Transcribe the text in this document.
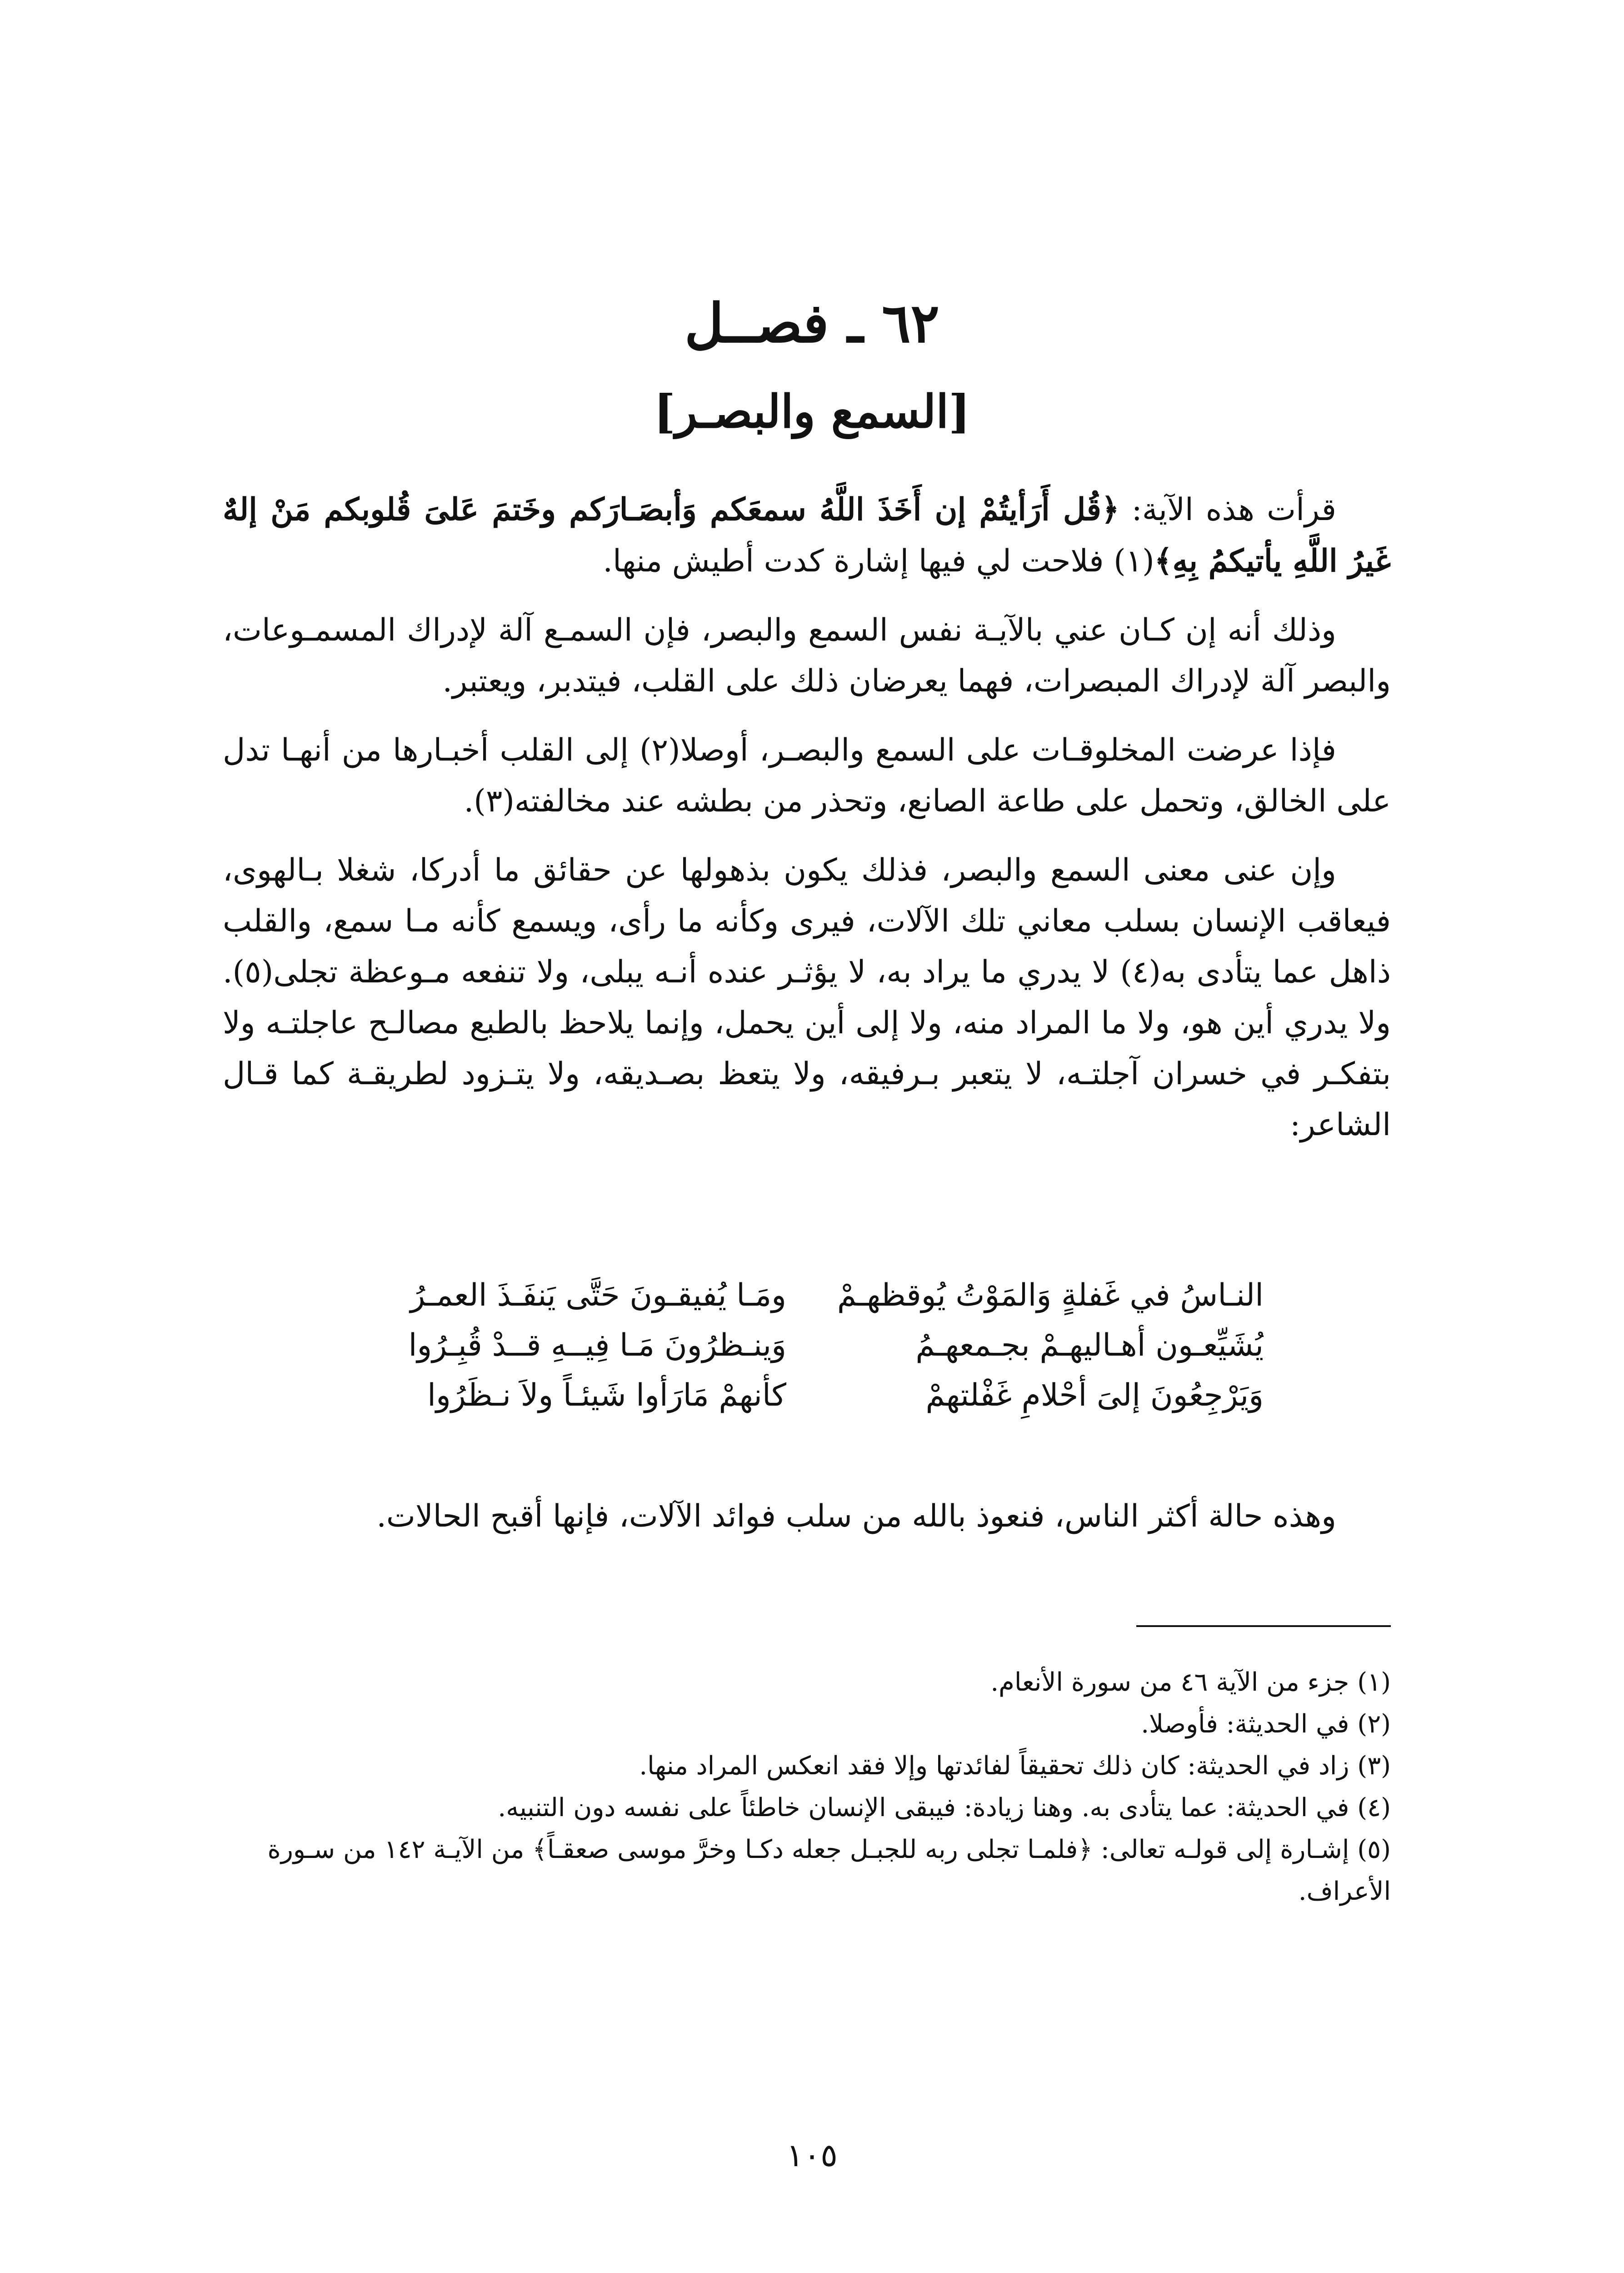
٦٢ ـ فصــل
[السمع والبصـر]

قرأت هذه الآية: ﴿قُل أَرَأيتُمْ إن أَخَذَ اللَّهُ سمعَكم وَأبصَـارَكم وخَتمَ عَلىَ قُلوبكم مَنْ إلهٌ غَيرُ اللَّهِ يأتيكمُ بِهِ﴾(١) فلاحت لي فيها إشارة كدت أطيش منها.

وذلك أنه إن كـان عني بالآيـة نفس السمع والبصر، فإن السمـع آلة لإدراك المسمـوعات، والبصر آلة لإدراك المبصرات، فهما يعرضان ذلك على القلب، فيتدبر، ويعتبر.

فإذا عرضت المخلوقـات على السمع والبصـر، أوصلا(٢) إلى القلب أخبـارها من أنهـا تدل على الخالق، وتحمل على طاعة الصانع، وتحذر من بطشه عند مخالفته(٣).

وإن عنى معنى السمع والبصر، فذلك يكون بذهولها عن حقائق ما أدركا، شغلا بـالهوى، فيعاقب الإنسان بسلب معاني تلك الآلات، فيرى وكأنه ما رأى، ويسمع كأنه مـا سمع، والقلب ذاهل عما يتأدى به(٤) لا يدري ما يراد به، لا يؤثـر عنده أنـه يبلى، ولا تنفعه مـوعظة تجلى(٥). ولا يدري أين هو، ولا ما المراد منه، ولا إلى أين يحمل، وإنما يلاحظ بالطبع مصالـح عاجلتـه ولا بتفكـر في خسران آجلتـه، لا يتعبر بـرفيقه، ولا يتعظ بصـديقه، ولا يتـزود لطريقـة كما قـال الشاعر:

النـاسُ في غَفلةٍ وَالمَوْتُ يُوقظهـمْ
ومَـا يُفيقـونَ حَتَّى يَنفَـذَ العمـرُ
يُشَيِّعـون أهـاليهـمْ بجـمعهـمُ
وَينـظرُونَ مَـا فِيــهِ قــدْ قُبِـرُوا
وَيَرْجِعُونَ إلىَ أحْلامِ غَفْلتهمْ
كأنهمْ مَارَأوا شَيئـاً ولاَ نـظَرُوا
وهذه حالة أكثر الناس، فنعوذ بالله من سلب فوائد الآلات، فإنها أقبح الحالات.
(١) جزء من الآية ٤٦ من سورة الأنعام.
(٢) في الحديثة: فأوصلا.
(٣) زاد في الحديثة: كان ذلك تحقيقاً لفائدتها وإلا فقد انعكس المراد منها.
(٤) في الحديثة: عما يتأدى به. وهنا زيادة: فيبقى الإنسان خاطئاً على نفسه دون التنبيه.
(٥) إشـارة إلى قولـه تعالى: ﴿فلمـا تجلى ربه للجبـل جعله دكـا وخرَّ موسى صعقـاً﴾ من الآيـة ١٤٢ من سـورة الأعراف.
١٠٥
